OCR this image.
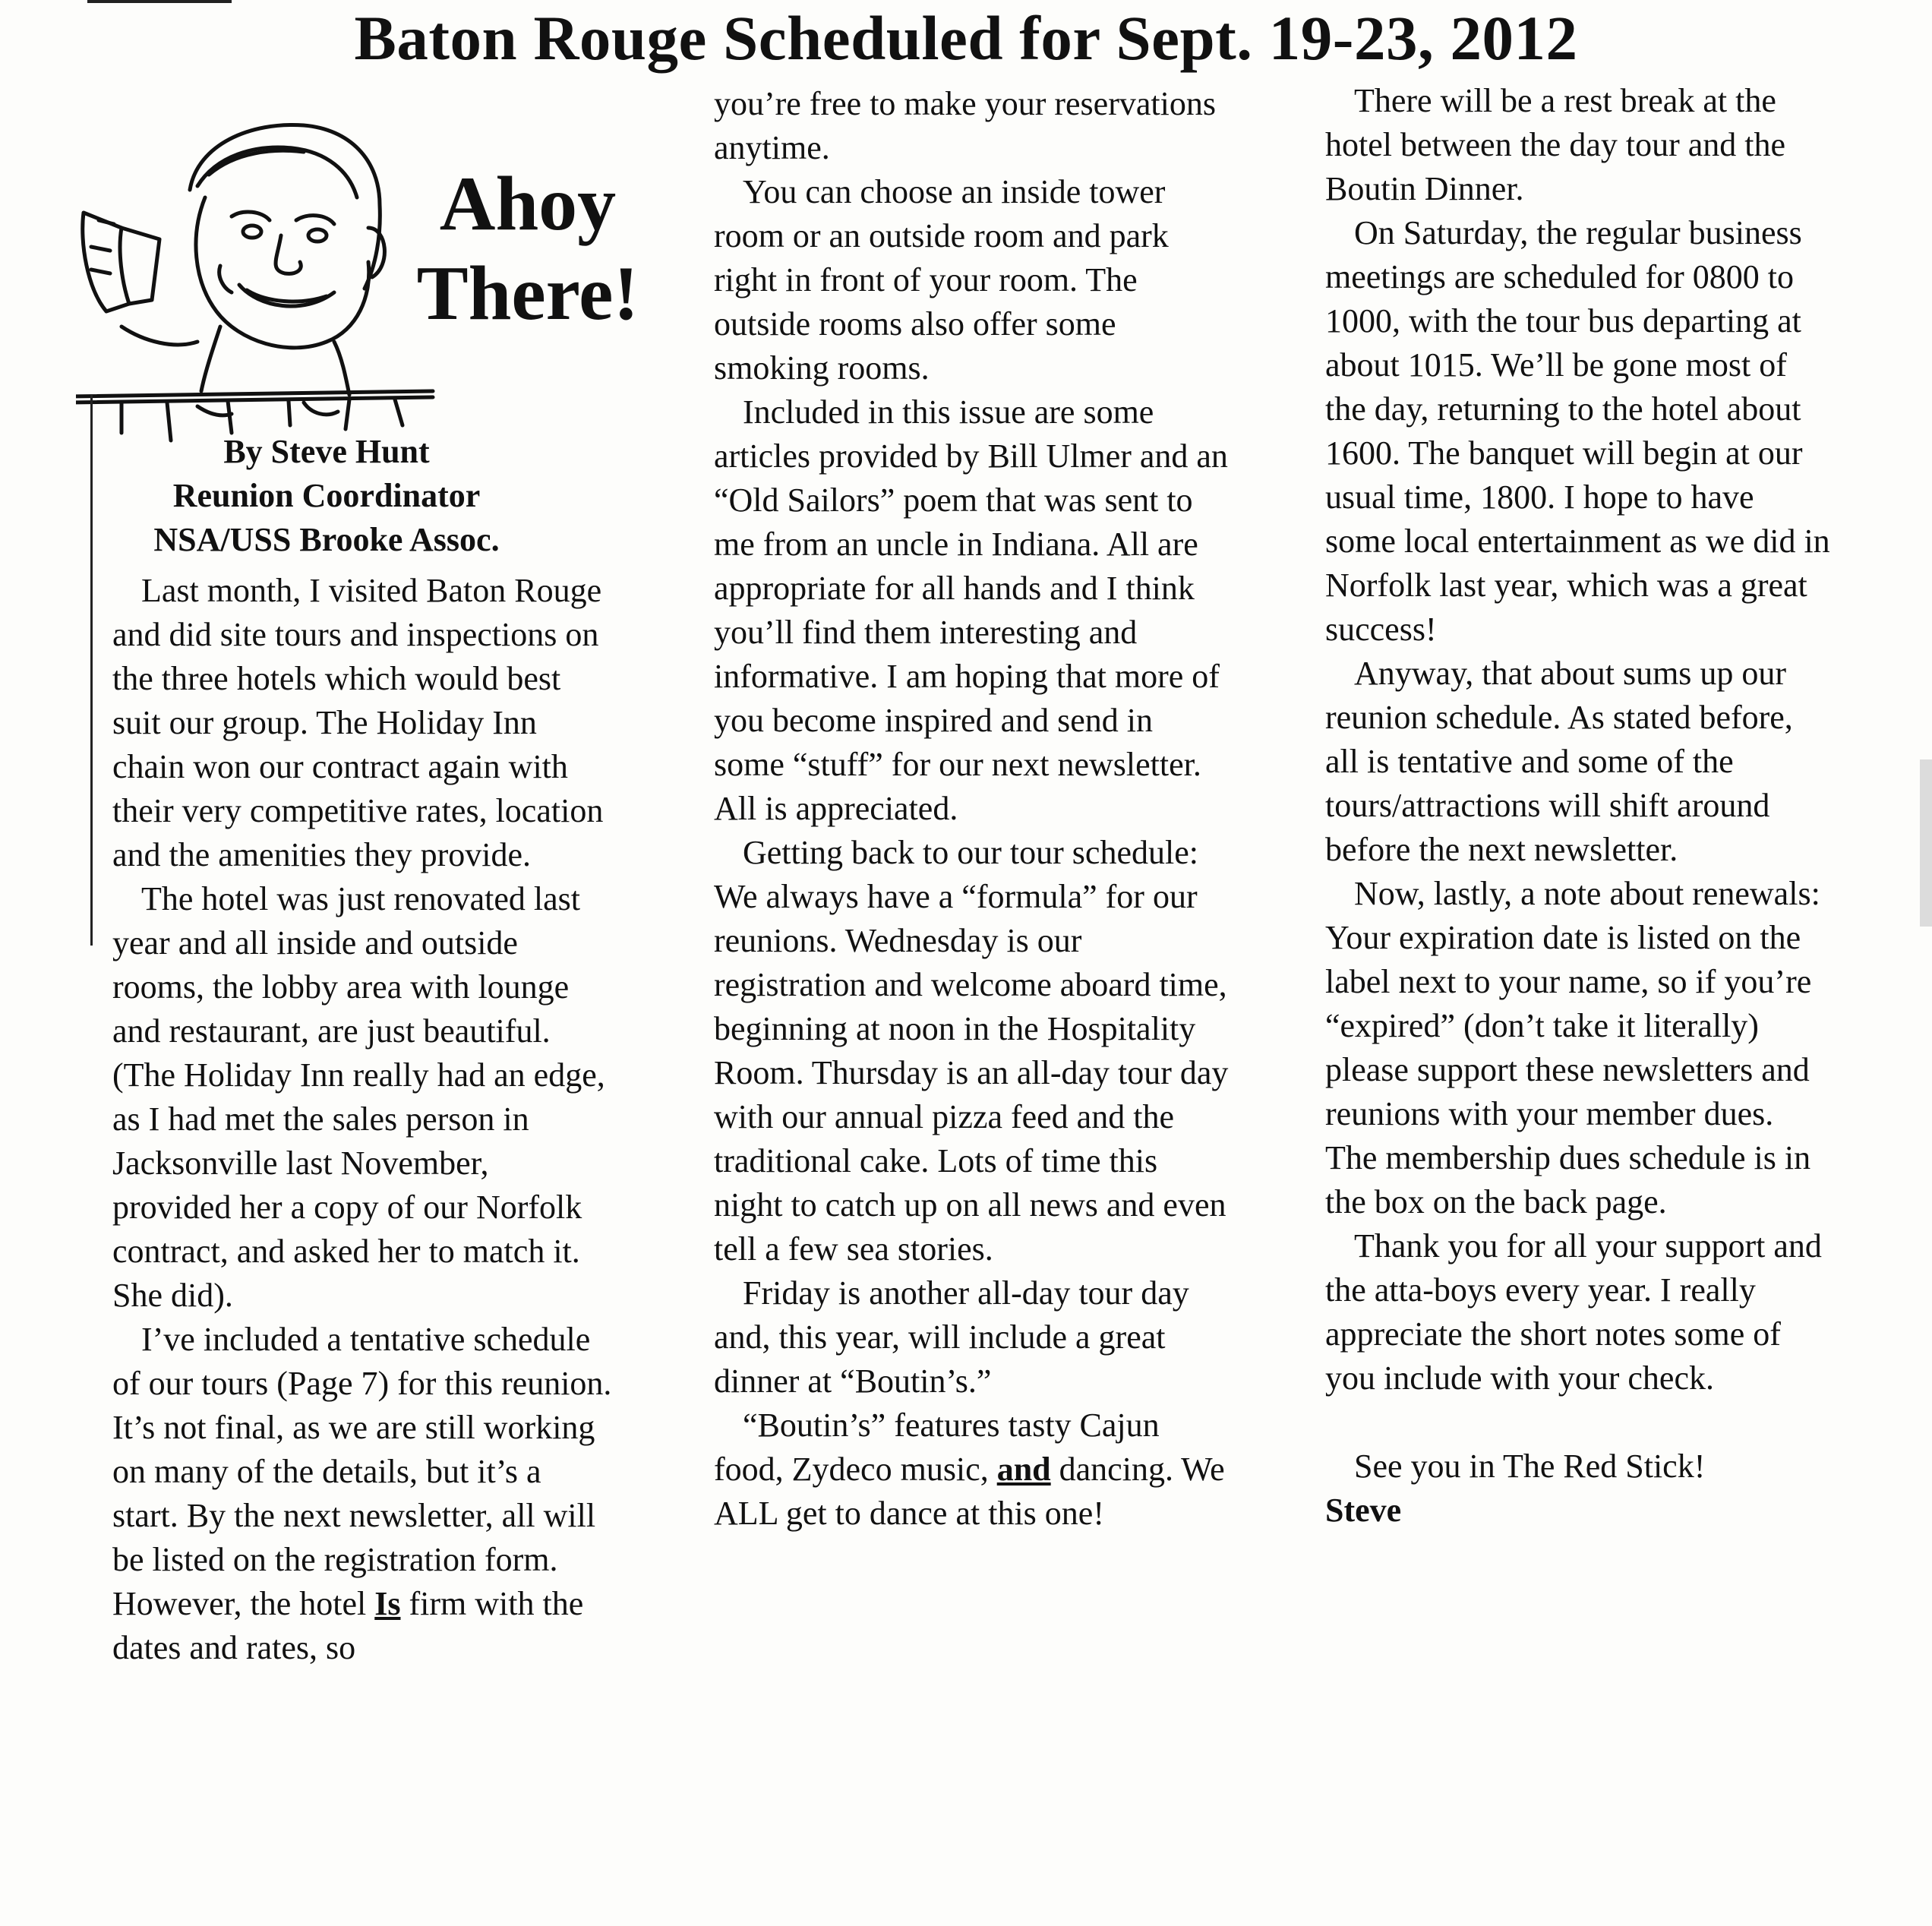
Baton Rouge Scheduled for Sept. 19-23, 2012
Ahoy
There!
By Steve Hunt
Reunion Coordinator
NSA/USS Brooke Assoc.

Last month, I visited Baton Rouge and did site tours and inspections on the three hotels which would best suit our group. The Holiday Inn chain won our contract again with their very competitive rates, location and the amenities they provide.

The hotel was just renovated last year and all inside and outside rooms, the lobby area with lounge and restaurant, are just beautiful. (The Holiday Inn really had an edge, as I had met the sales person in Jacksonville last November, provided her a copy of our Norfolk contract, and asked her to match it. She did).

I’ve included a tentative schedule of our tours (Page 7) for this reunion. It’s not final, as we are still working on many of the details, but it’s a start. By the next newsletter, all will be listed on the registration form. However, the hotel Is firm with the dates and rates, so

you’re free to make your reservations anytime.

You can choose an inside tower room or an outside room and park right in front of your room. The outside rooms also offer some smoking rooms.

Included in this issue are some articles provided by Bill Ulmer and an “Old Sailors” poem that was sent to me from an uncle in Indiana. All are appropriate for all hands and I think you’ll find them interesting and informative. I am hoping that more of you become inspired and send in some “stuff” for our next newsletter. All is appreciated.

Getting back to our tour schedule: We always have a “formula” for our reunions. Wednesday is our registration and welcome aboard time, beginning at noon in the Hospitality Room. Thursday is an all-day tour day with our annual pizza feed and the traditional cake. Lots of time this night to catch up on all news and even tell a few sea stories.

Friday is another all-day tour day and, this year, will include a great dinner at “Boutin’s.”

“Boutin’s” features tasty Cajun food, Zydeco music, and dancing. We ALL get to dance at this one!

There will be a rest break at the hotel between the day tour and the Boutin Dinner.

On Saturday, the regular business meetings are scheduled for 0800 to 1000, with the tour bus departing at about 1015. We’ll be gone most of the day, returning to the hotel about 1600. The banquet will begin at our usual time, 1800. I hope to have some local entertainment as we did in Norfolk last year, which was a great success!

Anyway, that about sums up our reunion schedule. As stated before, all is tentative and some of the tours/attractions will shift around before the next newsletter.

Now, lastly, a note about renewals: Your expiration date is listed on the label next to your name, so if you’re “expired” (don’t take it literally) please support these newsletters and reunions with your member dues. The membership dues schedule is in the box on the back page.

Thank you for all your support and the atta-boys every year. I really appreciate the short notes some of you include with your check.

See you in The Red Stick!

Steve
